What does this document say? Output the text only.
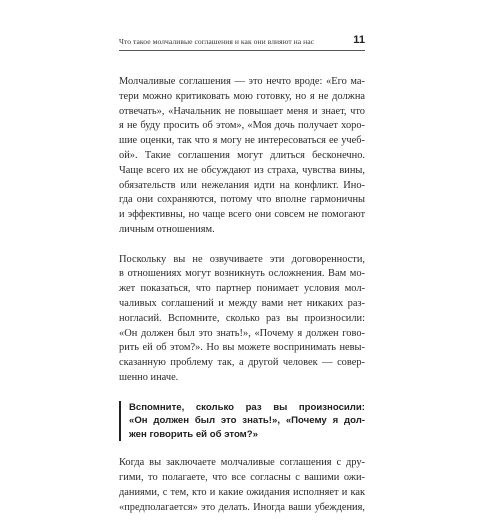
Что такое молчаливые соглашения и как они влияют на нас	11

Молчаливые соглашения — это нечто вроде: «Его ма-
тери можно критиковать мою готовку, но я не должна
отвечать», «Начальник не повышает меня и знает, что
я не буду просить об этом», «Моя дочь получает хоро-
шие оценки, так что я могу не интересоваться ее учеб-
ой». Такие соглашения могут длиться бесконечно.
Чаще всего их не обсуждают из страха, чувства вины,
обязательств или нежелания идти на конфликт. Ино-
гда они сохраняются, потому что вполне гармоничны
и эффективны, но чаще всего они совсем не помогают
личным отношениям.

Поскольку вы не озвучиваете эти договоренности,
в отношениях могут возникнуть осложнения. Вам мо-
жет показаться, что партнер понимает условия мол-
чаливых соглашений и между вами нет никаких раз-
ногласий. Вспомните, сколько раз вы произносили:
«Он должен был это знать!», «Почему я должен гово-
рить ей об этом?». Но вы можете воспринимать невы-
сказанную проблему так, а другой человек — совер-
шенно иначе.

Вспомните, сколько раз вы произносили:
«Он должен был это знать!», «Почему я дол-
жен говорить ей об этом?»

Когда вы заключаете молчаливые соглашения с дру-
гими, то полагаете, что все согласны с вашими ожи-
даниями, с тем, кто и какие ожидания исполняет и как
«предполагается» это делать. Иногда ваши убеждения,
